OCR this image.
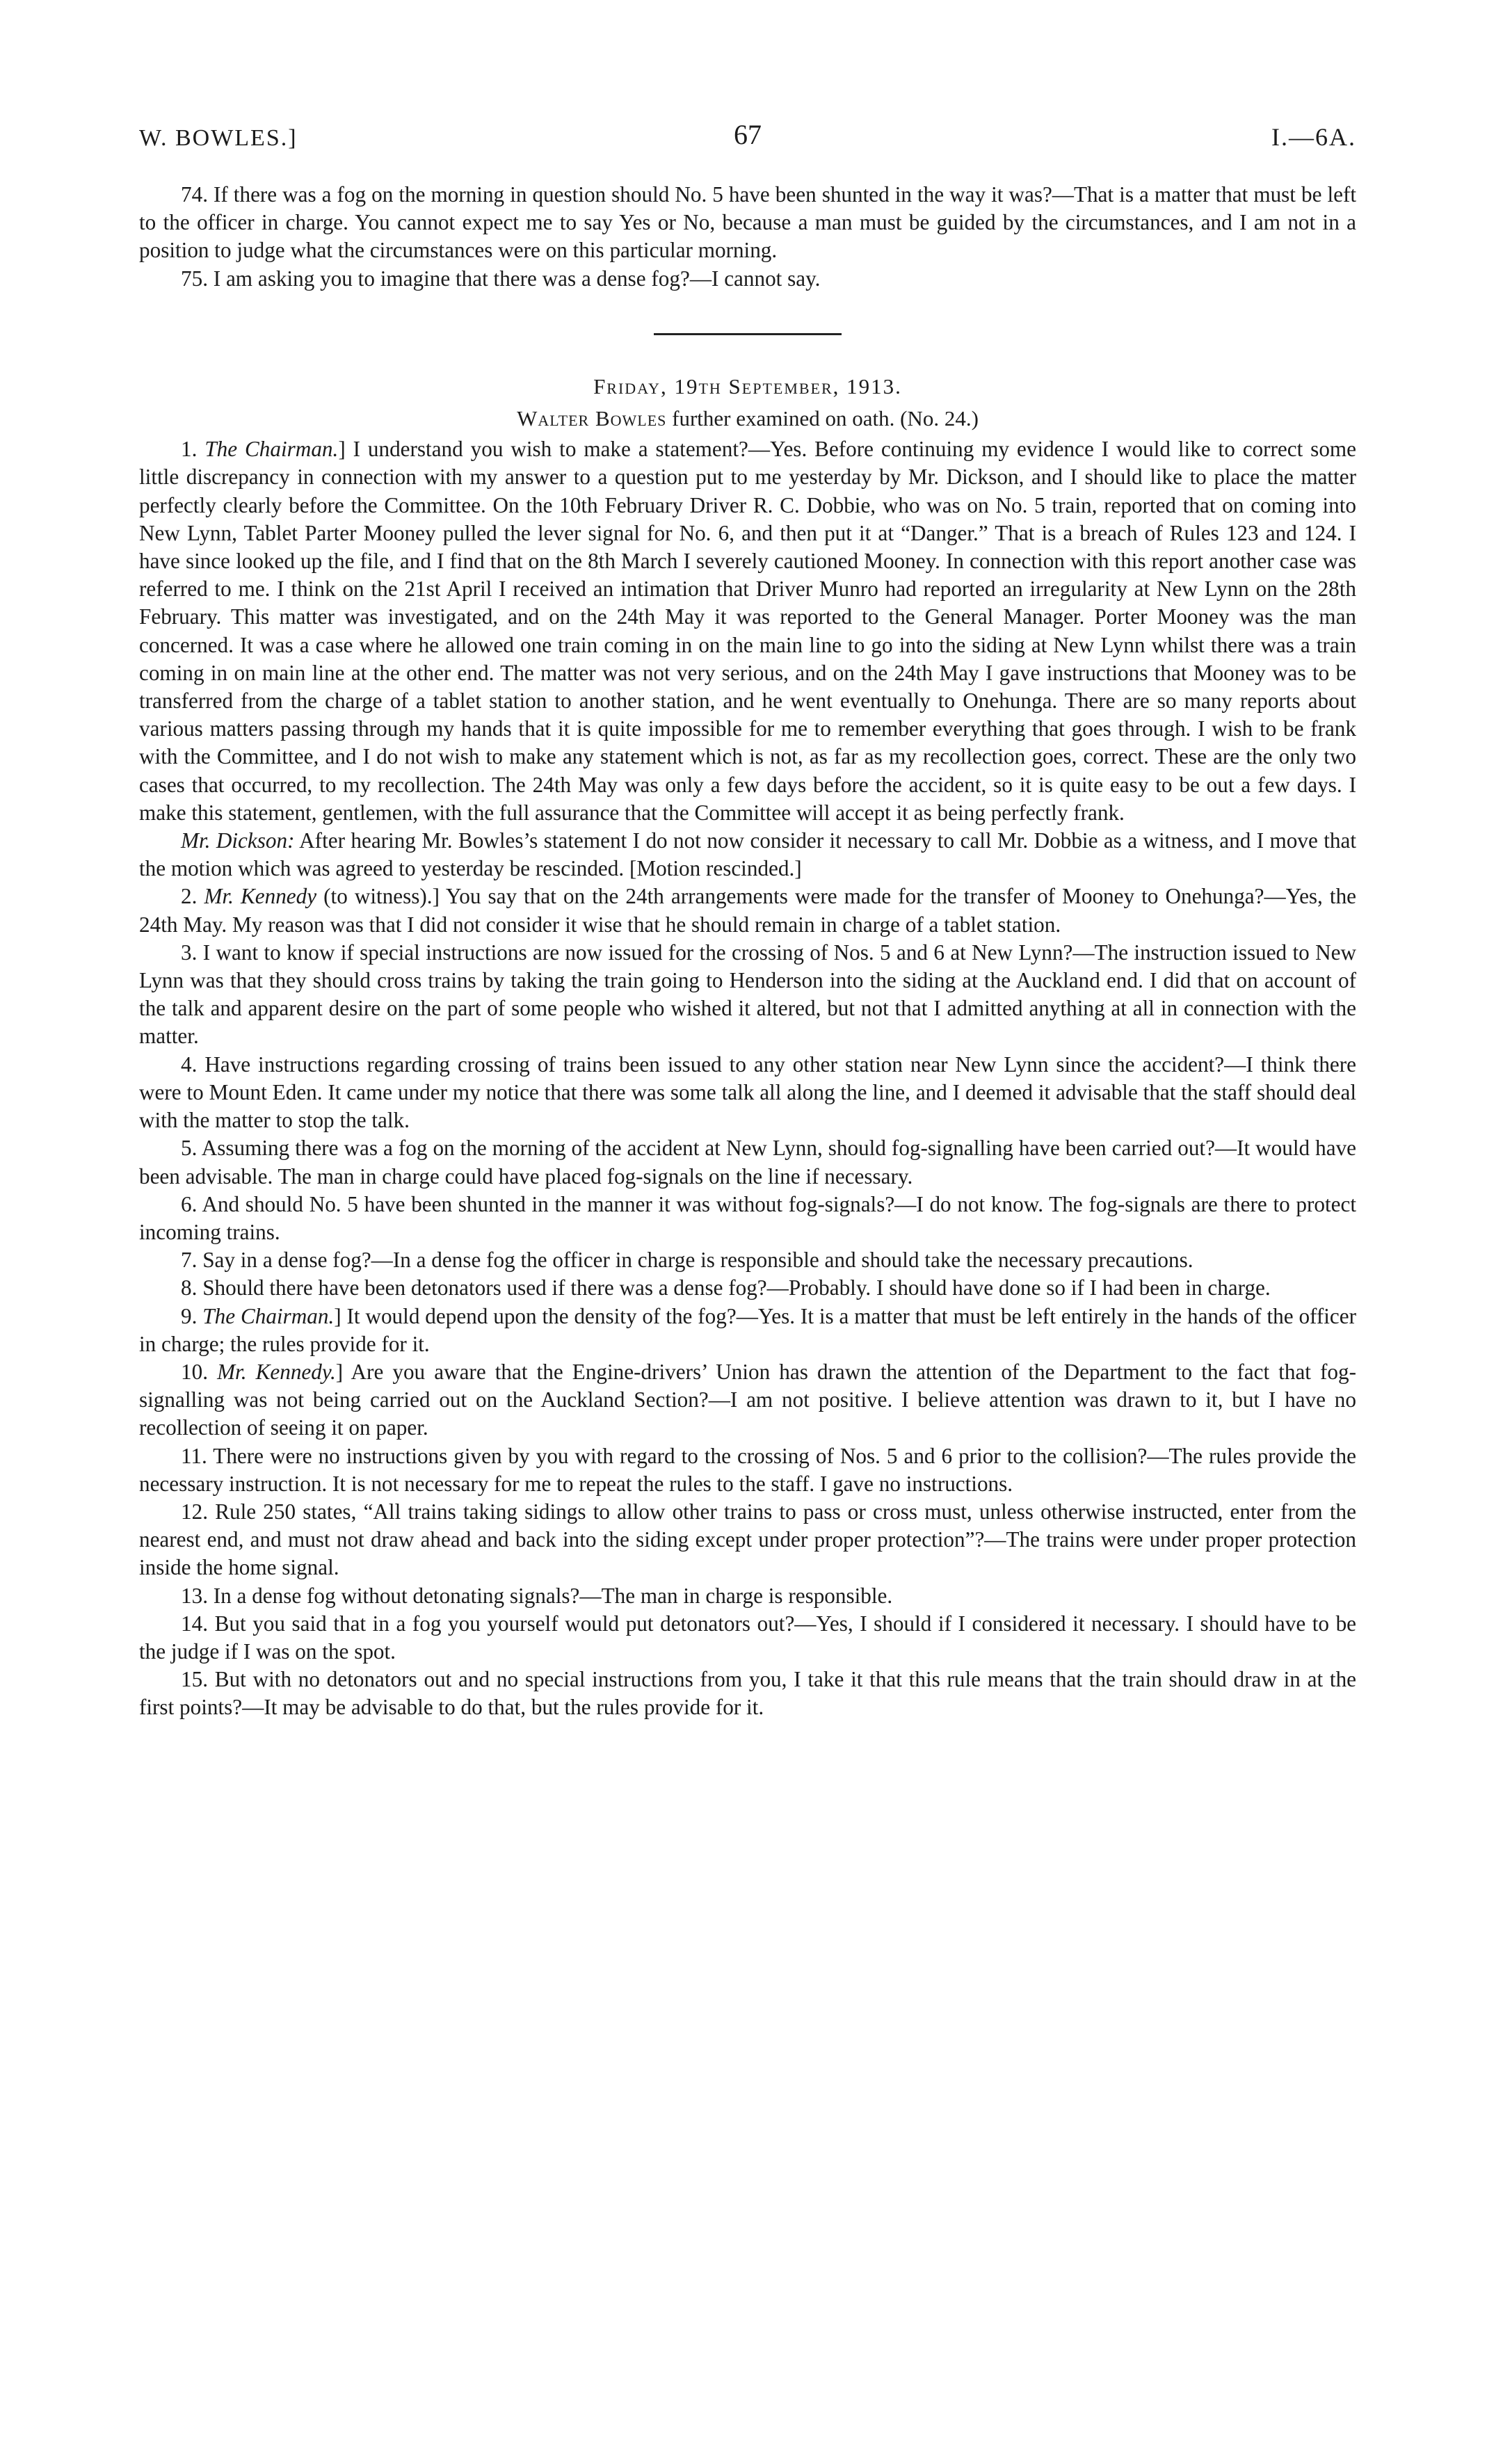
W. BOWLES.]	67	I.—6A.

74. If there was a fog on the morning in question should No. 5 have been shunted in the way it was?—That is a matter that must be left to the officer in charge. You cannot expect me to say Yes or No, because a man must be guided by the circumstances, and I am not in a position to judge what the circumstances were on this particular morning.

75. I am asking you to imagine that there was a dense fog?—I cannot say.

Friday, 19th September, 1913.
Walter Bowles further examined on oath. (No. 24.)

1. The Chairman.] I understand you wish to make a statement?—Yes. Before continuing my evidence I would like to correct some little discrepancy in connection with my answer to a question put to me yesterday by Mr. Dickson, and I should like to place the matter perfectly clearly before the Committee. On the 10th February Driver R. C. Dobbie, who was on No. 5 train, reported that on coming into New Lynn, Tablet Parter Mooney pulled the lever signal for No. 6, and then put it at “Danger.” That is a breach of Rules 123 and 124. I have since looked up the file, and I find that on the 8th March I severely cautioned Mooney. In connection with this report another case was referred to me. I think on the 21st April I received an intimation that Driver Munro had reported an irregularity at New Lynn on the 28th February. This matter was investigated, and on the 24th May it was reported to the General Manager. Porter Mooney was the man concerned. It was a case where he allowed one train coming in on the main line to go into the siding at New Lynn whilst there was a train coming in on main line at the other end. The matter was not very serious, and on the 24th May I gave instructions that Mooney was to be transferred from the charge of a tablet station to another station, and he went eventually to Onehunga. There are so many reports about various matters passing through my hands that it is quite impossible for me to remember everything that goes through. I wish to be frank with the Committee, and I do not wish to make any statement which is not, as far as my recollection goes, correct. These are the only two cases that occurred, to my recollection. The 24th May was only a few days before the accident, so it is quite easy to be out a few days. I make this statement, gentlemen, with the full assurance that the Committee will accept it as being perfectly frank.

Mr. Dickson: After hearing Mr. Bowles’s statement I do not now consider it necessary to call Mr. Dobbie as a witness, and I move that the motion which was agreed to yesterday be rescinded. [Motion rescinded.]

2. Mr. Kennedy (to witness).] You say that on the 24th arrangements were made for the transfer of Mooney to Onehunga?—Yes, the 24th May. My reason was that I did not consider it wise that he should remain in charge of a tablet station.

3. I want to know if special instructions are now issued for the crossing of Nos. 5 and 6 at New Lynn?—The instruction issued to New Lynn was that they should cross trains by taking the train going to Henderson into the siding at the Auckland end. I did that on account of the talk and apparent desire on the part of some people who wished it altered, but not that I admitted anything at all in connection with the matter.

4. Have instructions regarding crossing of trains been issued to any other station near New Lynn since the accident?—I think there were to Mount Eden. It came under my notice that there was some talk all along the line, and I deemed it advisable that the staff should deal with the matter to stop the talk.

5. Assuming there was a fog on the morning of the accident at New Lynn, should fog-signalling have been carried out?—It would have been advisable. The man in charge could have placed fog-signals on the line if necessary.

6. And should No. 5 have been shunted in the manner it was without fog-signals?—I do not know. The fog-signals are there to protect incoming trains.

7. Say in a dense fog?—In a dense fog the officer in charge is responsible and should take the necessary precautions.

8. Should there have been detonators used if there was a dense fog?—Probably. I should have done so if I had been in charge.

9. The Chairman.] It would depend upon the density of the fog?—Yes. It is a matter that must be left entirely in the hands of the officer in charge; the rules provide for it.

10. Mr. Kennedy.] Are you aware that the Engine-drivers’ Union has drawn the attention of the Department to the fact that fog-signalling was not being carried out on the Auckland Section?—I am not positive. I believe attention was drawn to it, but I have no recollection of seeing it on paper.

11. There were no instructions given by you with regard to the crossing of Nos. 5 and 6 prior to the collision?—The rules provide the necessary instruction. It is not necessary for me to repeat the rules to the staff. I gave no instructions.

12. Rule 250 states, “All trains taking sidings to allow other trains to pass or cross must, unless otherwise instructed, enter from the nearest end, and must not draw ahead and back into the siding except under proper protection”?—The trains were under proper protection inside the home signal.

13. In a dense fog without detonating signals?—The man in charge is responsible.

14. But you said that in a fog you yourself would put detonators out?—Yes, I should if I considered it necessary. I should have to be the judge if I was on the spot.

15. But with no detonators out and no special instructions from you, I take it that this rule means that the train should draw in at the first points?—It may be advisable to do that, but the rules provide for it.
